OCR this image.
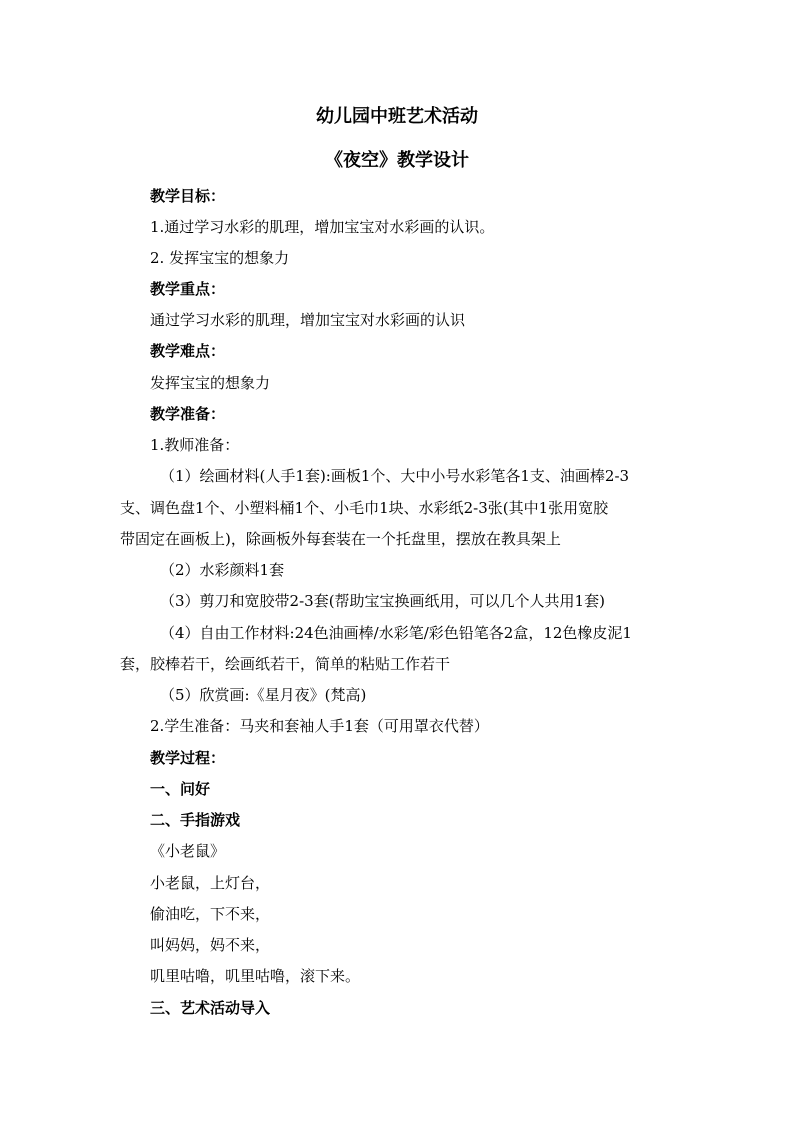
幼儿园中班艺术活动
《夜空》教学设计
教学目标：
1.通过学习水彩的肌理，增加宝宝对水彩画的认识。
2. 发挥宝宝的想象力
教学重点：
通过学习水彩的肌理，增加宝宝对水彩画的认识
教学难点：
发挥宝宝的想象力
教学准备：
1.教师准备：
（1）绘画材料(人手1套):画板1个、大中小号水彩笔各1支、油画棒2-3
支、调色盘1个、小塑料桶1个、小毛巾1块、水彩纸2-3张(其中1张用宽胶
带固定在画板上)，除画板外每套装在一个托盘里，摆放在教具架上
（2）水彩颜料1套
（3）剪刀和宽胶带2-3套(帮助宝宝换画纸用，可以几个人共用1套)
（4）自由工作材料:24色油画棒/水彩笔/彩色铅笔各2盒，12色橡皮泥1
套，胶棒若干，绘画纸若干，简单的粘贴工作若干
（5）欣赏画:《星月夜》(梵高)
2.学生准备：马夹和套袖人手1套（可用罩衣代替）
教学过程：
一、问好
二、手指游戏
《小老鼠》
小老鼠，上灯台，
偷油吃，下不来，
叫妈妈，妈不来，
叽里咕噜，叽里咕噜，滚下来。
三、艺术活动导入
